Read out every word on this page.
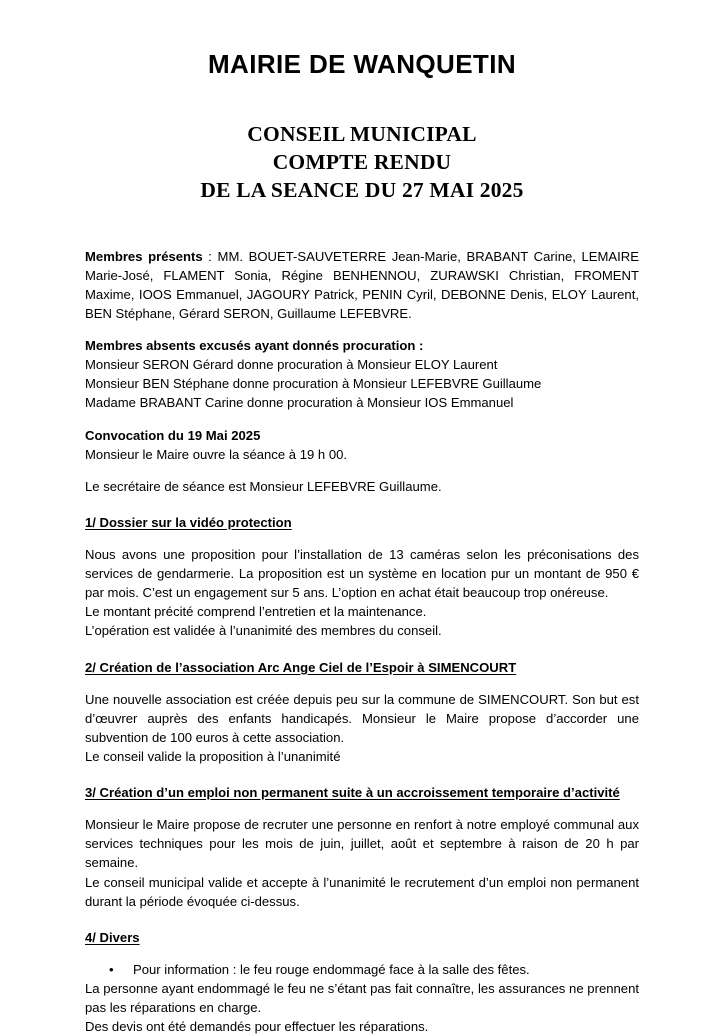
MAIRIE DE WANQUETIN
CONSEIL MUNICIPAL
COMPTE RENDU
DE LA SEANCE DU 27 MAI 2025

Membres présents : MM. BOUET-SAUVETERRE Jean-Marie, BRABANT Carine, LEMAIRE Marie-José, FLAMENT Sonia, Régine BENHENNOU, ZURAWSKI Christian, FROMENT Maxime, IOOS Emmanuel, JAGOURY Patrick, PENIN Cyril, DEBONNE Denis, ELOY Laurent, BEN Stéphane, Gérard SERON, Guillaume LEFEBVRE.

Membres absents excusés ayant donnés procuration :

Monsieur SERON Gérard donne procuration à Monsieur ELOY Laurent

Monsieur BEN Stéphane donne procuration à Monsieur LEFEBVRE Guillaume

Madame BRABANT Carine donne procuration à Monsieur IOS Emmanuel

Convocation du 19 Mai 2025

Monsieur le Maire ouvre la séance à 19 h 00.

Le secrétaire de séance est Monsieur LEFEBVRE Guillaume.

1/ Dossier sur la vidéo protection

Nous avons une proposition pour l’installation de 13 caméras selon les préconisations des services de gendarmerie. La proposition est un système en location pur un montant de 950 € par mois. C’est un engagement sur 5 ans. L’option en achat était beaucoup trop onéreuse.

Le montant précité comprend l’entretien et la maintenance.

L’opération est validée à l’unanimité des membres du conseil.

2/ Création de l’association Arc Ange Ciel de l’Espoir à SIMENCOURT

Une nouvelle association est créée depuis peu sur la commune de SIMENCOURT. Son but est d’œuvrer auprès des enfants handicapés. Monsieur le Maire propose d’accorder une subvention de 100 euros à cette association.

Le conseil valide la proposition à l’unanimité

3/ Création d’un emploi non permanent suite à un accroissement temporaire d’activité

Monsieur le Maire propose de recruter une personne en renfort à notre employé communal aux services techniques pour les mois de juin, juillet, août et septembre à raison de 20 h par semaine.

Le conseil municipal valide et accepte à l’unanimité le recrutement d’un emploi non permanent durant la période évoquée ci-dessus.

4/ Divers

•	Pour information : le feu rouge endommagé face à la salle des fêtes.

La personne ayant endommagé le feu ne s’étant pas fait connaître, les assurances ne prennent pas les réparations en charge.

Des devis ont été demandés pour effectuer les réparations.
